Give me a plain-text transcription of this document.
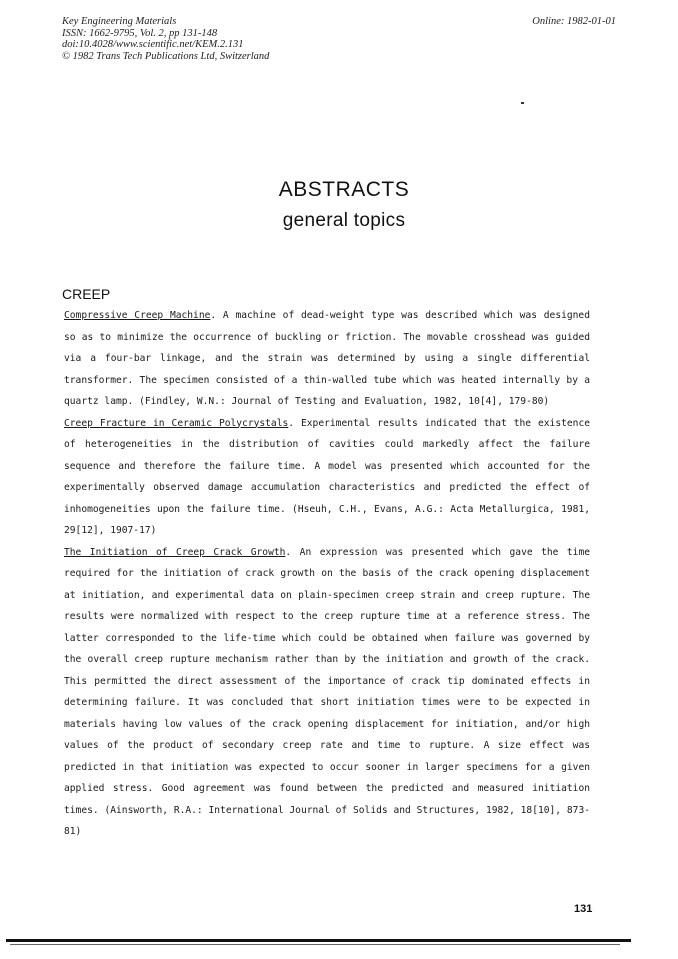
Key Engineering Materials
ISSN: 1662-9795, Vol. 2, pp 131-148
doi:10.4028/www.scientific.net/KEM.2.131
© 1982 Trans Tech Publications Ltd, Switzerland
Online: 1982-01-01
ABSTRACTS
general topics
CREEP

Compressive Creep Machine. A machine of dead-weight type was described which was designed so as to minimize the occurrence of buckling or friction. The movable crosshead was guided via a four-bar linkage, and the strain was determined by using a single differential transformer. The specimen consisted of a thin-walled tube which was heated internally by a quartz lamp. (Findley, W.N.: Journal of Testing and Evaluation, 1982, 10[4], 179-80)

Creep Fracture in Ceramic Polycrystals. Experimental results indicated that the existence of heterogeneities in the distribution of cavities could markedly affect the failure sequence and therefore the failure time. A model was presented which accounted for the experimentally observed damage accumulation characteristics and predicted the effect of inhomogeneities upon the failure time. (Hseuh, C.H., Evans, A.G.: Acta Metallurgica, 1981, 29[12], 1907-17)

The Initiation of Creep Crack Growth. An expression was presented which gave the time required for the initiation of crack growth on the basis of the crack opening displacement at initiation, and experimental data on plain-specimen creep strain and creep rupture. The results were normalized with respect to the creep rupture time at a reference stress. The latter corresponded to the life-time which could be obtained when failure was governed by the overall creep rupture mechanism rather than by the initiation and growth of the crack. This permitted the direct assessment of the importance of crack tip dominated effects in determining failure. It was concluded that short initiation times were to be expected in materials having low values of the crack opening displacement for initiation, and/or high values of the product of secondary creep rate and time to rupture. A size effect was predicted in that initiation was expected to occur sooner in larger specimens for a given applied stress. Good agreement was found between the predicted and measured initiation times. (Ainsworth, R.A.: International Journal of Solids and Structures, 1982, 18[10], 873-81)

131
